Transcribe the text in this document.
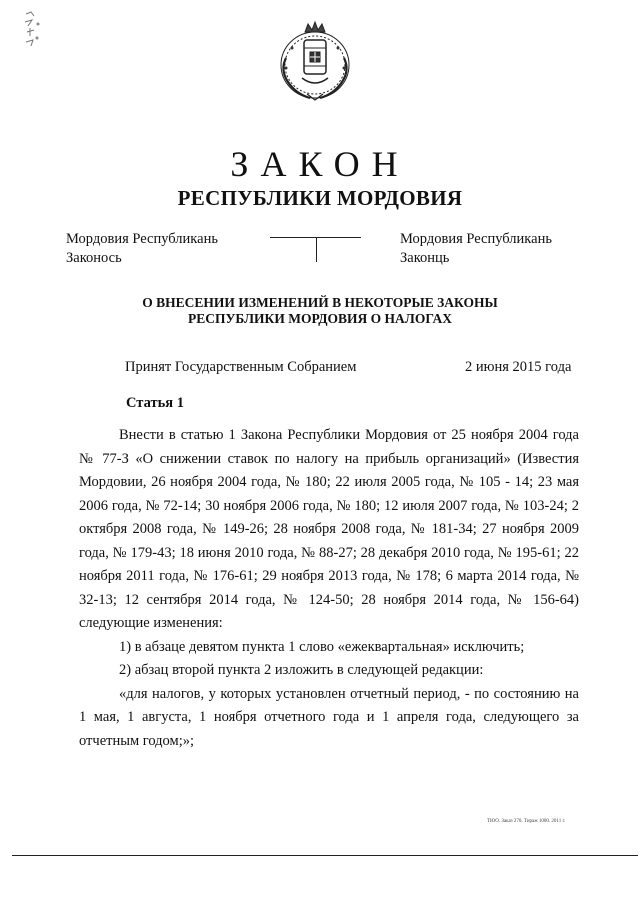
ЗАКОН
РЕСПУБЛИКИ МОРДОВИЯ
Мордовия Республикань
Законось
Мордовия Республикань
Законць
О ВНЕСЕНИИ ИЗМЕНЕНИЙ В НЕКОТОРЫЕ ЗАКОНЫ
РЕСПУБЛИКИ МОРДОВИЯ О НАЛОГАХ
Принят Государственным Собранием	2 июня 2015 года
Статья 1

Внести в статью 1 Закона Республики Мордовия от 25 ноября 2004 года № 77-З «О снижении ставок по налогу на прибыль организаций» (Известия Мордовии, 26 ноября 2004 года, № 180; 22 июля 2005 года, № 105 - 14; 23 мая 2006 года, № 72-14; 30 ноября 2006 года, № 180; 12 июля 2007 года, № 103-24; 2 октября 2008 года, № 149-26; 28 ноября 2008 года, № 181-34; 27 ноября 2009 года, № 179-43; 18 июня 2010 года, № 88-27; 28 декабря 2010 года, № 195-61; 22 ноября 2011 года, № 176-61; 29 ноября 2013 года, № 178; 6 марта 2014 года, № 32-13; 12 сентября 2014 года, № 124-50; 28 ноября 2014 года, № 156-64) следующие изменения:

1) в абзаце девятом пункта 1 слово «ежеквартальная» исключить;

2) абзац второй пункта 2 изложить в следующей редакции:

«для налогов, у которых установлен отчетный период, - по состоянию на 1 мая, 1 августа, 1 ноября отчетного года и 1 апреля года, следующего за отчетным годом;»;

ТЮО. Заказ 270. Тираж 1000. 2011 г.
